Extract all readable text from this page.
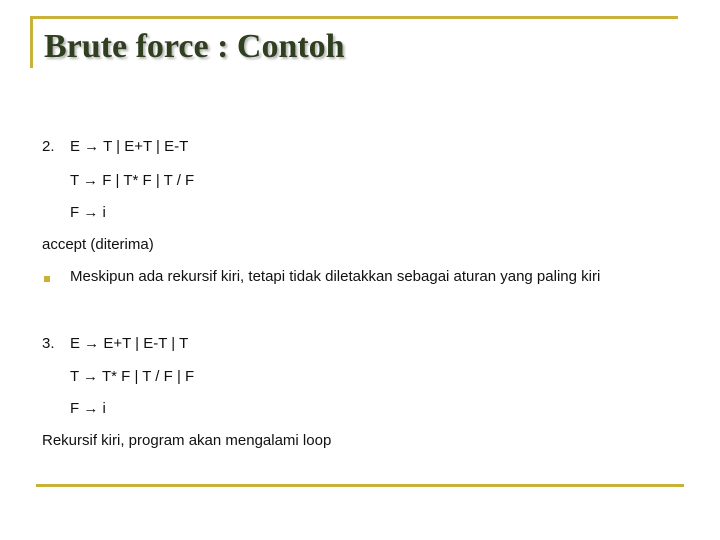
Brute force : Contoh
2. E → T | E+T | E-T
T → F | T* F | T / F
F → i
accept (diterima)
Meskipun ada rekursif kiri, tetapi tidak diletakkan sebagai aturan yang paling kiri
3. E → E+T | E-T | T
T → T* F | T / F | F
F → i
Rekursif kiri, program akan mengalami loop
